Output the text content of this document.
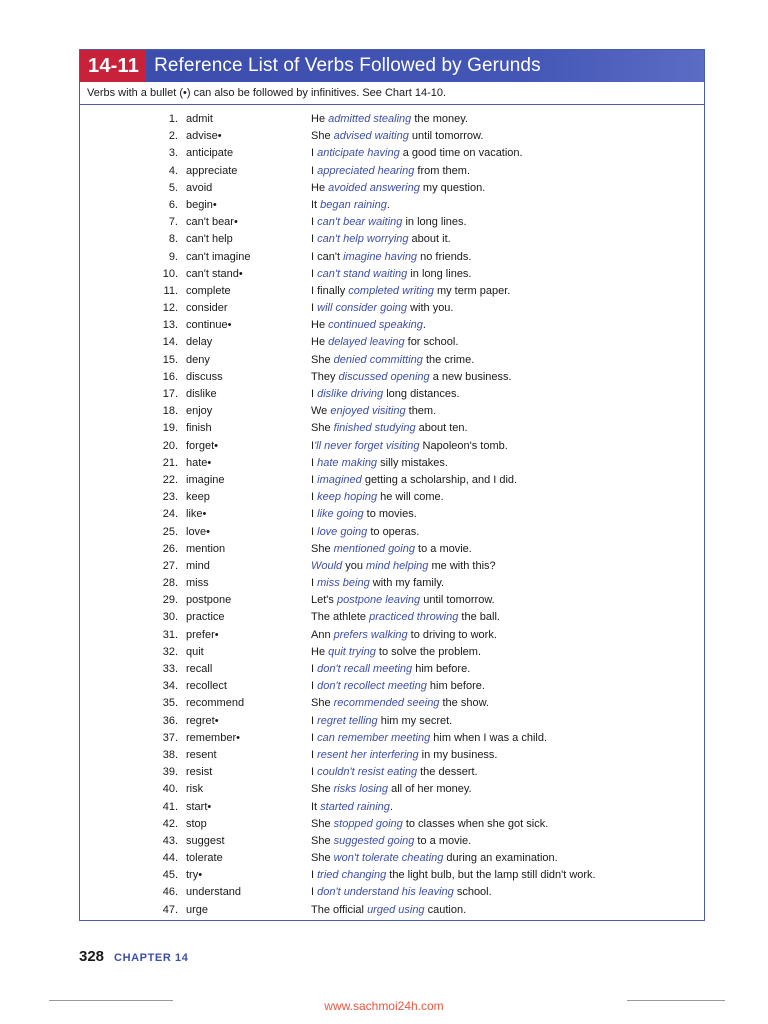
14-11 Reference List of Verbs Followed by Gerunds
Verbs with a bullet (•) can also be followed by infinitives. See Chart 14-10.
1. admit	He admitted stealing the money.
2. advise•	She advised waiting until tomorrow.
3. anticipate	I anticipate having a good time on vacation.
4. appreciate	I appreciated hearing from them.
5. avoid	He avoided answering my question.
6. begin•	It began raining.
7. can't bear•	I can't bear waiting in long lines.
8. can't help	I can't help worrying about it.
9. can't imagine	I can't imagine having no friends.
10. can't stand•	I can't stand waiting in long lines.
11. complete	I finally completed writing my term paper.
12. consider	I will consider going with you.
13. continue•	He continued speaking.
14. delay	He delayed leaving for school.
15. deny	She denied committing the crime.
16. discuss	They discussed opening a new business.
17. dislike	I dislike driving long distances.
18. enjoy	We enjoyed visiting them.
19. finish	She finished studying about ten.
20. forget•	I'll never forget visiting Napoleon's tomb.
21. hate•	I hate making silly mistakes.
22. imagine	I imagined getting a scholarship, and I did.
23. keep	I keep hoping he will come.
24. like•	I like going to movies.
25. love•	I love going to operas.
26. mention	She mentioned going to a movie.
27. mind	Would you mind helping me with this?
28. miss	I miss being with my family.
29. postpone	Let's postpone leaving until tomorrow.
30. practice	The athlete practiced throwing the ball.
31. prefer•	Ann prefers walking to driving to work.
32. quit	He quit trying to solve the problem.
33. recall	I don't recall meeting him before.
34. recollect	I don't recollect meeting him before.
35. recommend	She recommended seeing the show.
36. regret•	I regret telling him my secret.
37. remember•	I can remember meeting him when I was a child.
38. resent	I resent her interfering in my business.
39. resist	I couldn't resist eating the dessert.
40. risk	She risks losing all of her money.
41. start•	It started raining.
42. stop	She stopped going to classes when she got sick.
43. suggest	She suggested going to a movie.
44. tolerate	She won't tolerate cheating during an examination.
45. try•	I tried changing the light bulb, but the lamp still didn't work.
46. understand	I don't understand his leaving school.
47. urge	The official urged using caution.
328 CHAPTER 14
www.sachmoi24h.com
